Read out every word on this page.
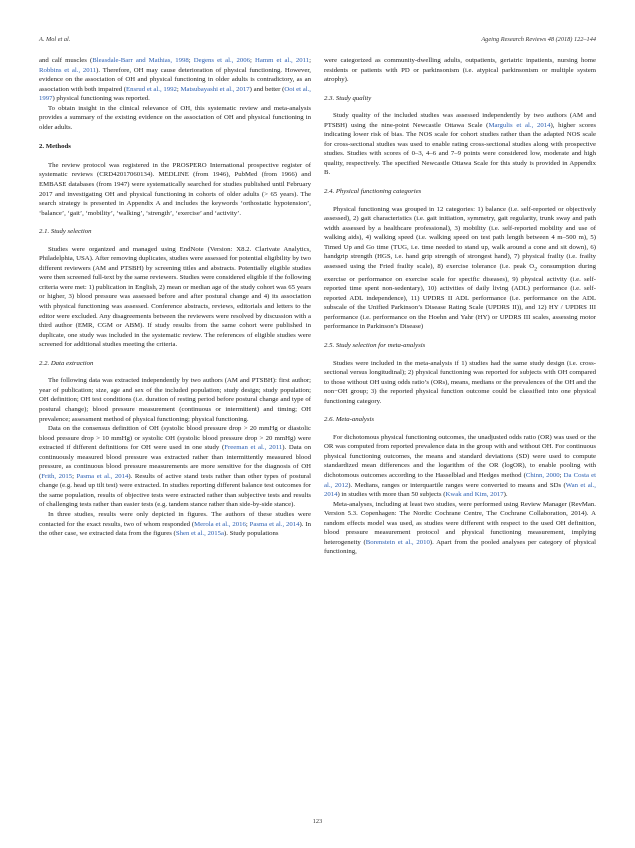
A. Mol et al.	Ageing Research Reviews 48 (2018) 122–144

and calf muscles (Bleasdale-Barr and Mathias, 1998; Degens et al., 2006; Hamm et al., 2011; Robbins et al., 2011). Therefore, OH may cause deterioration of physical functioning. However, evidence on the association of OH and physical functioning in older adults is contradictory, as an association with both impaired (Ensrud et al., 1992; Matsubayashi et al., 2017) and better (Ooi et al., 1997) physical functioning was reported.

To obtain insight in the clinical relevance of OH, this systematic review and meta-analysis provides a summary of the existing evidence on the association of OH and physical functioning in older adults.

2. Methods

The review protocol was registered in the PROSPERO International prospective register of systematic reviews (CRD42017060134). MEDLINE (from 1946), PubMed (from 1966) and EMBASE databases (from 1947) were systematically searched for studies published until February 2017 and investigating OH and physical functioning in cohorts of older adults (> 65 years). The search strategy is presented in Appendix A and includes the keywords ‘orthostatic hypotension’, ‘balance’, ‘gait’, ‘mobility’, ‘walking’, ‘strength’, ‘exercise’ and ‘activity’.

2.1. Study selection

Studies were organized and managed using EndNote (Version: X8.2. Clarivate Analytics, Philadelphia, USA). After removing duplicates, studies were assessed for potential eligibility by two different reviewers (AM and PTSBH) by screening titles and abstracts. Potentially eligible studies were then screened full-text by the same reviewers. Studies were considered eligible if the following criteria were met: 1) publication in English, 2) mean or median age of the study cohort was 65 years or higher, 3) blood pressure was assessed before and after postural change and 4) its association with physical functioning was assessed. Conference abstracts, reviews, editorials and letters to the editor were excluded. Any disagreements between the reviewers were resolved by discussion with a third author (EMR, CGM or ABM). If study results from the same cohort were published in duplicate, one study was included in the systematic review. The references of eligible studies were screened for additional studies meeting the criteria.

2.2. Data extraction

The following data was extracted independently by two authors (AM and PTSBH): first author; year of publication; size, age and sex of the included population; study design; study population; OH definition; OH test conditions (i.e. duration of resting period before postural change and type of postural change); blood pressure measurement (continuous or intermittent) and timing; OH prevalence; assessment method of physical functioning; physical functioning.

Data on the consensus definition of OH (systolic blood pressure drop > 20 mmHg or diastolic blood pressure drop > 10 mmHg) or systolic OH (systolic blood pressure drop > 20 mmHg) were extracted if different definitions for OH were used in one study (Freeman et al., 2011). Data on continuously measured blood pressure was extracted rather than intermittently measured blood pressure, as continuous blood pressure measurements are more sensitive for the diagnosis of OH (Frith, 2015; Pasma et al., 2014). Results of active stand tests rather than other types of postural change (e.g. head up tilt test) were extracted. In studies reporting different balance test outcomes for the same population, results of objective tests were extracted rather than subjective tests and results of challenging tests rather than easier tests (e.g. tandem stance rather than side-by-side stance).

In three studies, results were only depicted in figures. The authors of these studies were contacted for the exact results, two of whom responded (Merola et al., 2016; Pasma et al., 2014). In the other case, we extracted data from the figures (Shen et al., 2015a). Study populations

were categorized as community-dwelling adults, outpatients, geriatric inpatients, nursing home residents or patients with PD or parkinsonism (i.e. atypical parkinsonism or multiple system atrophy).

2.3. Study quality

Study quality of the included studies was assessed independently by two authors (AM and PTSBH) using the nine-point Newcastle Ottawa Scale (Margulis et al., 2014), higher scores indicating lower risk of bias. The NOS scale for cohort studies rather than the adapted NOS scale for cross-sectional studies was used to enable rating cross-sectional studies along with prospective studies. Studies with scores of 0–3, 4–6 and 7–9 points were considered low, moderate and high quality, respectively. The specified Newcastle Ottawa Scale for this study is provided in Appendix B.

2.4. Physical functioning categories

Physical functioning was grouped in 12 categories: 1) balance (i.e. self-reported or objectively assessed), 2) gait characteristics (i.e. gait initiation, symmetry, gait regularity, trunk sway and path width assessed by a healthcare professional), 3) mobility (i.e. self-reported mobility and use of walking aids), 4) walking speed (i.e. walking speed on test path length between 4 m–500 m), 5) Timed Up and Go time (TUG, i.e. time needed to stand up, walk around a cone and sit down), 6) handgrip strength (HGS, i.e. hand grip strength of strongest hand), 7) physical frailty (i.e. frailty assessed using the Fried frailty scale), 8) exercise tolerance (i.e. peak $O_2$ consumption during exercise or performance on exercise scale for specific diseases), 9) physical activity (i.e. self-reported time spent non-sedentary), 10) activities of daily living (ADL) performance (i.e. self-reported ADL independence), 11) UPDRS II ADL performance (i.e. performance on the ADL subscale of the Unified Parkinson’s Disease Rating Scale (UPDRS II)), and 12) HY / UPDRS III performance (i.e. performance on the Hoehn and Yahr (HY) or UPDRS III scales, assessing motor performance in Parkinson’s Disease)

2.5. Study selection for meta-analysis

Studies were included in the meta-analysis if 1) studies had the same study design (i.e. cross-sectional versus longitudinal); 2) physical functioning was reported for subjects with OH compared to those without OH using odds ratio’s (ORs), means, medians or the prevalences of the OH and the non−OH group; 3) the reported physical function outcome could be classified into one physical functioning category.

2.6. Meta-analysis

For dichotomous physical functioning outcomes, the unadjusted odds ratio (OR) was used or the OR was computed from reported prevalence data in the group with and without OH. For continuous physical functioning outcomes, the means and standard deviations (SD) were used to compute standardized mean differences and the logarithm of the OR (logOR), to enable pooling with dichotomous outcomes according to the Hasselblad and Hedges method (Chinn, 2000; Da Costa et al., 2012). Medians, ranges or interquartile ranges were converted to means and SDs (Wan et al., 2014) in studies with more than 50 subjects (Kwak and Kim, 2017).

Meta-analyses, including at least two studies, were performed using Review Manager (RevMan. Version 5.3. Copenhagen: The Nordic Cochrane Centre, The Cochrane Collaboration, 2014). A random effects model was used, as studies were different with respect to the used OH definition, blood pressure measurement protocol and physical functioning measurement, implying heterogeneity (Borenstein et al., 2010). Apart from the pooled analyses per category of physical functioning,

123
